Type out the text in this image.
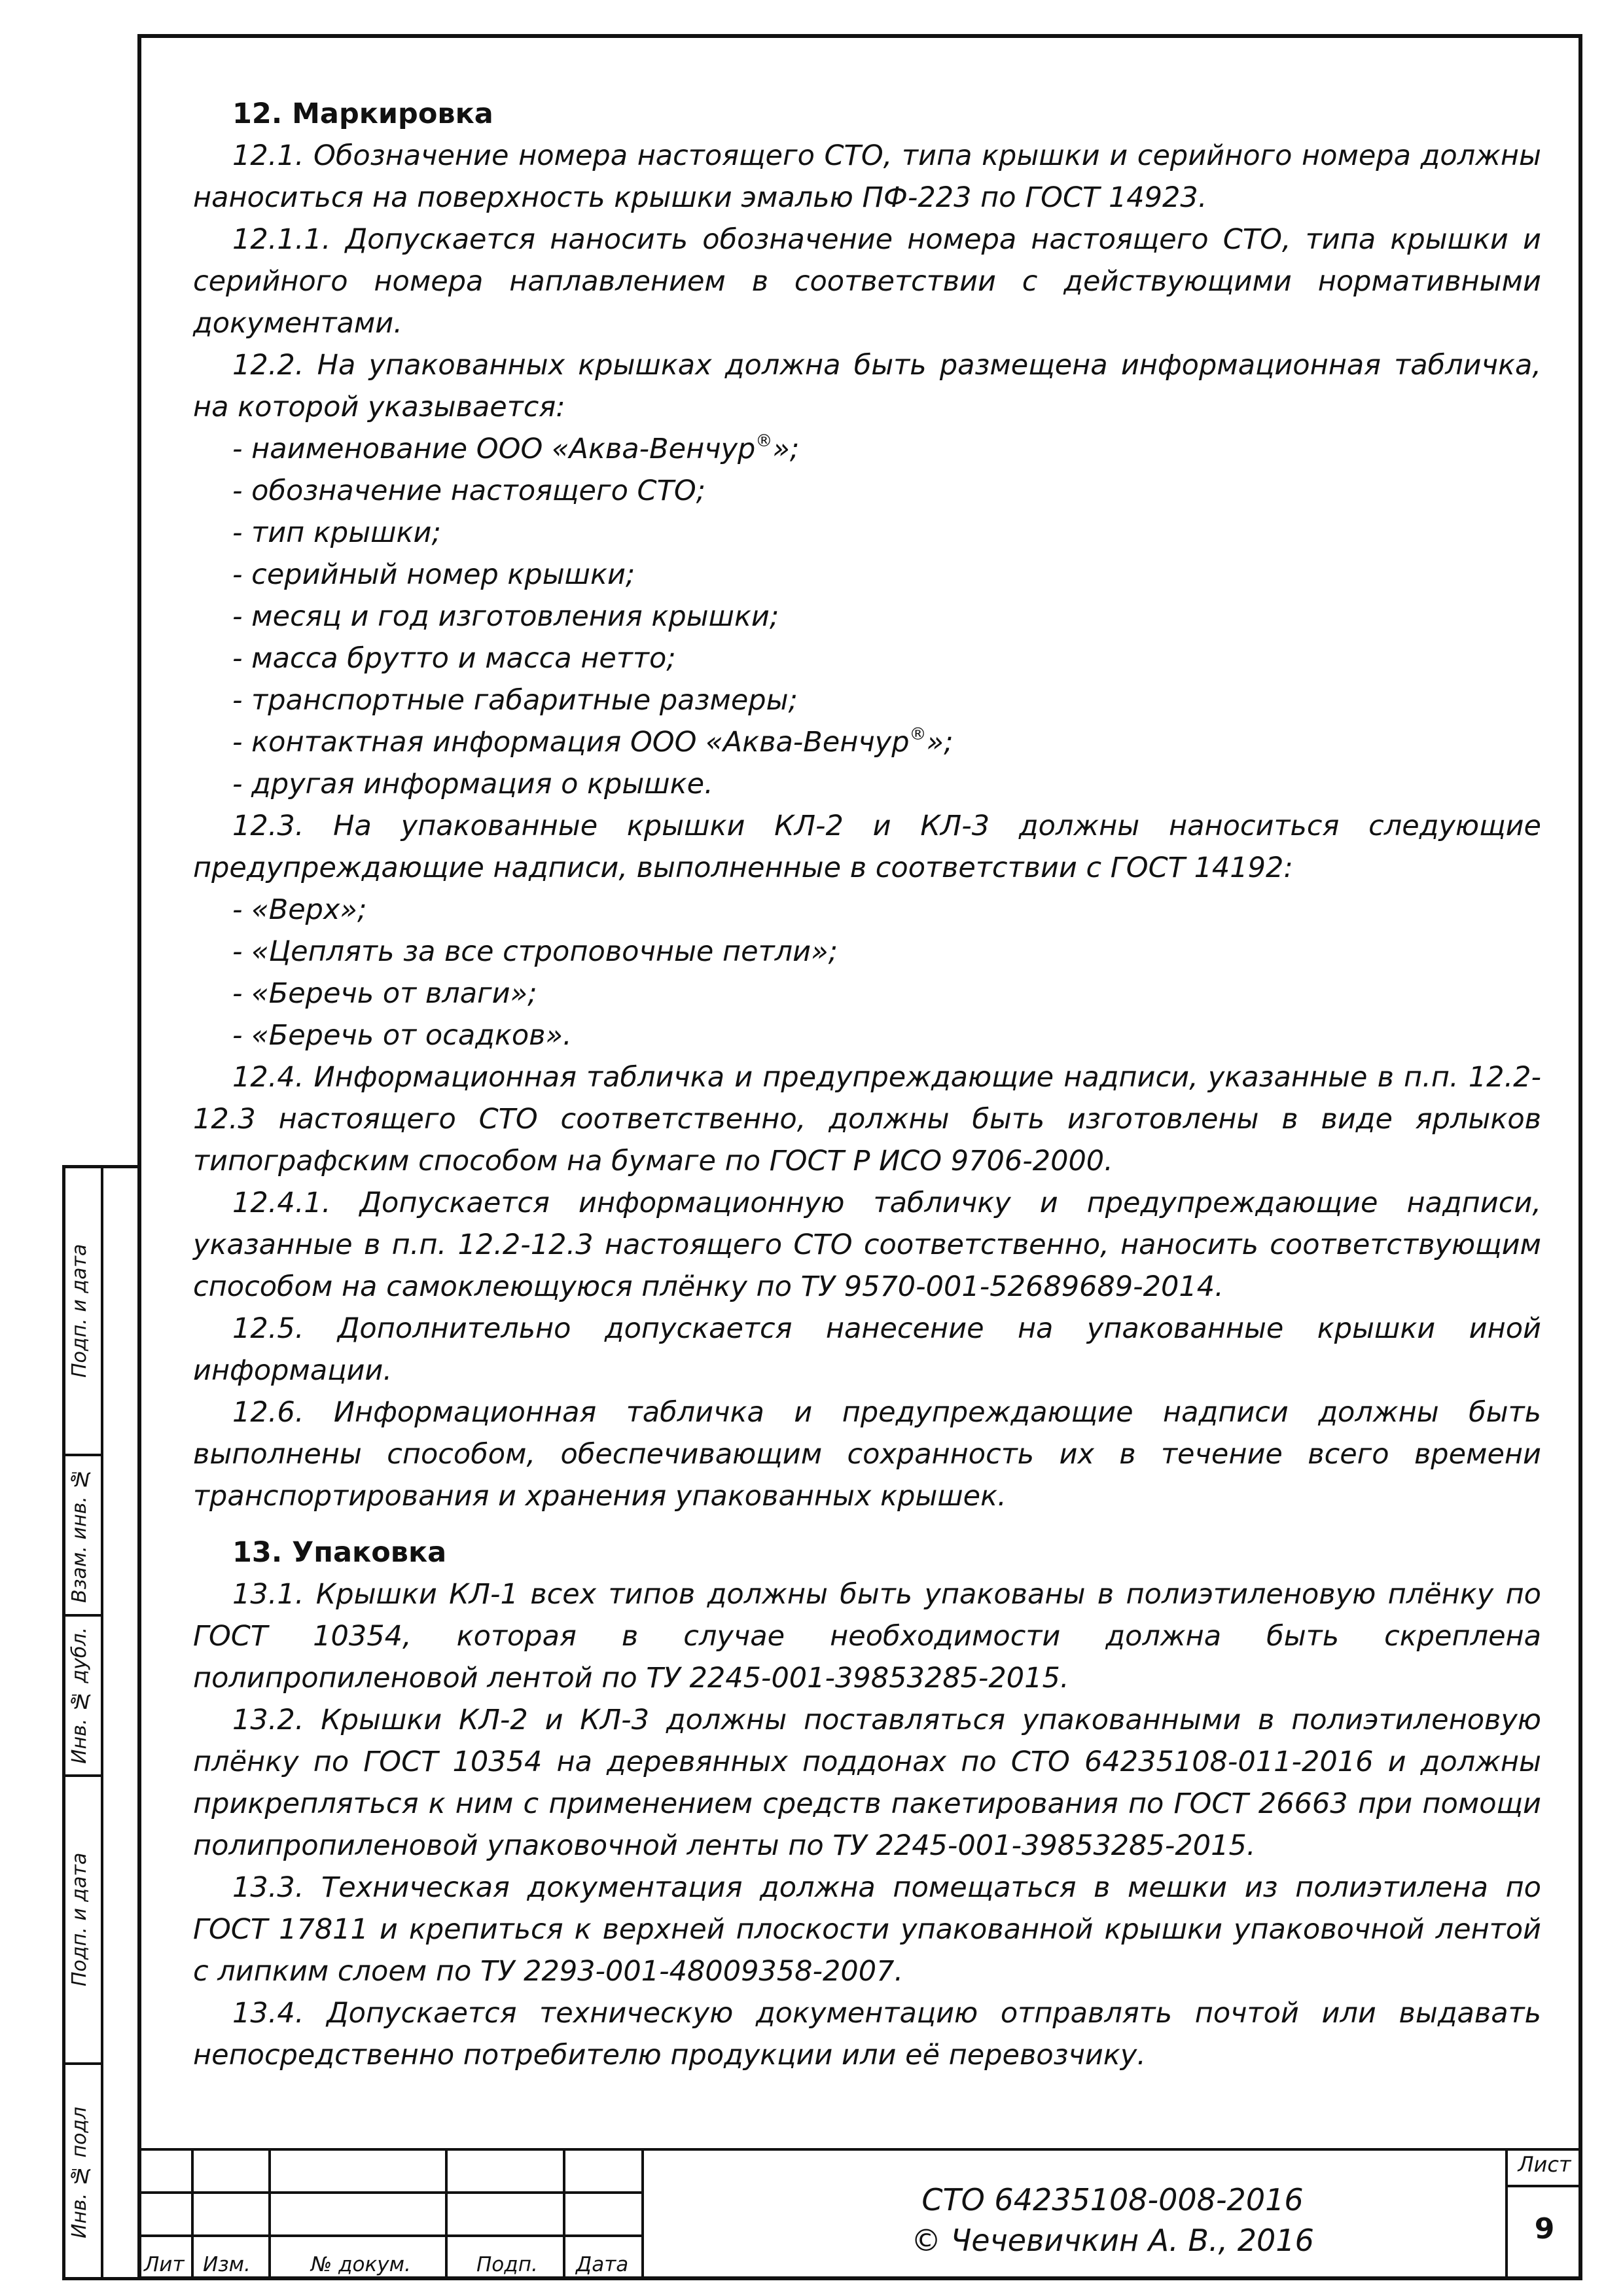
12. Маркировка

12.1. Обозначение номера настоящего СТО, типа крышки и серийного номера должны наноситься на поверхность крышки эмалью ПФ-223 по ГОСТ 14923.

12.1.1. Допускается наносить обозначение номера настоящего СТО, типа крышки и серийного номера наплавлением в соответствии с действующими нормативными документами.

12.2. На упакованных крышках должна быть размещена информационная табличка, на которой указывается:

- наименование ООО «Аква-Венчур®»;

- обозначение настоящего СТО;

- тип крышки;

- серийный номер крышки;

- месяц и год изготовления крышки;

- масса брутто и масса нетто;

- транспортные габаритные размеры;

- контактная информация ООО «Аква-Венчур®»;

- другая информация о крышке.

12.3. На упакованные крышки КЛ-2 и КЛ-3 должны наноситься следующие предупреждающие надписи, выполненные в соответствии с ГОСТ 14192:

- «Верх»;

- «Цеплять за все строповочные петли»;

- «Беречь от влаги»;

- «Беречь от осадков».

12.4. Информационная табличка и предупреждающие надписи, указанные в п.п. 12.2-12.3 настоящего СТО соответственно, должны быть изготовлены в виде ярлыков типографским способом на бумаге по ГОСТ Р ИСО 9706-2000.

12.4.1. Допускается информационную табличку и предупреждающие надписи, указанные в п.п. 12.2-12.3 настоящего СТО соответственно, наносить соответствующим способом на самоклеющуюся плёнку по ТУ 9570-001-52689689-2014.

12.5. Дополнительно допускается нанесение на упакованные крышки иной информации.

12.6. Информационная табличка и предупреждающие надписи должны быть выполнены способом, обеспечивающим сохранность их в течение всего времени транспортирования и хранения упакованных крышек.

13. Упаковка

13.1. Крышки КЛ-1 всех типов должны быть упакованы в полиэтиленовую плёнку по ГОСТ 10354, которая в случае необходимости должна быть скреплена полипропиленовой лентой по ТУ 2245-001-39853285-2015.

13.2. Крышки КЛ-2 и КЛ-3 должны поставляться упакованными в полиэтиленовую плёнку по ГОСТ 10354 на деревянных поддонах по СТО 64235108-011-2016 и должны прикрепляться к ним с применением средств пакетирования по ГОСТ 26663 при помощи полипропиленовой упаковочной ленты по ТУ 2245-001-39853285-2015.

13.3. Техническая документация должна помещаться в мешки из полиэтилена по ГОСТ 17811 и крепиться к верхней плоскости упакованной крышки упаковочной лентой с липким слоем по ТУ 2293-001-48009358-2007.

13.4. Допускается техническую документацию отправлять почтой или выдавать непосредственно потребителю продукции или её перевозчику.

Подп. и дата
Взам. инв. №
Инв. № дубл.
Подп. и дата
Инв. № подл
Лит Изм.	№ докум.	Подп. Дата
СТО 64235108-008-2016
© Чечевичкин А. В., 2016
Лист
9
